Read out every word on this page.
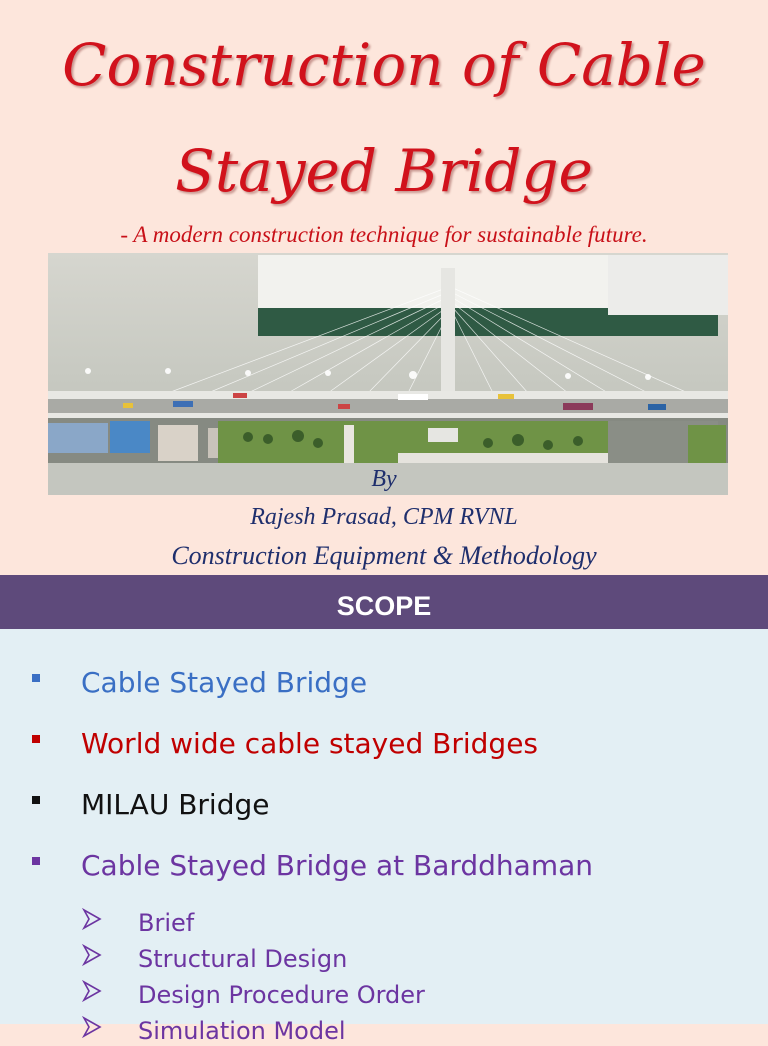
Construction of Cable
Stayed Bridge
- A modern construction technique for sustainable future.
By
Rajesh Prasad, CPM RVNL
Construction Equipment & Methodology
SCOPE
Cable Stayed Bridge
World wide cable stayed Bridges
MILAU Bridge
Cable Stayed Bridge at Barddhaman
Brief
Structural Design
Design Procedure Order
Simulation Model
